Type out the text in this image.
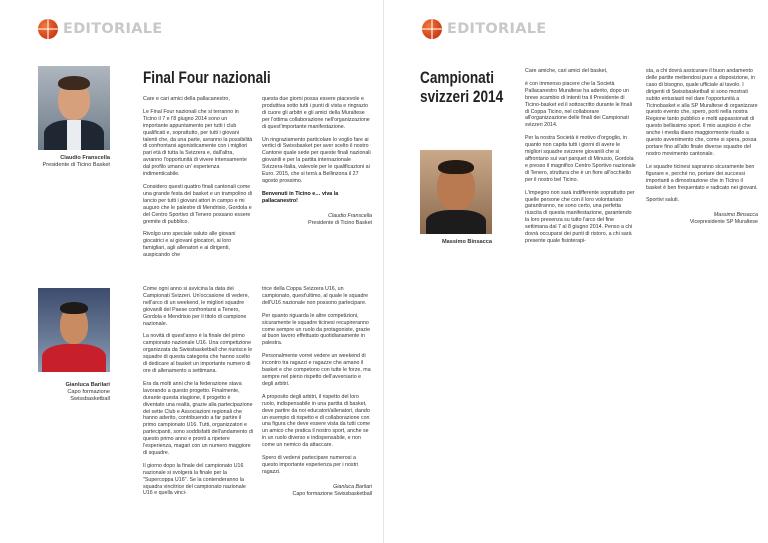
EDITORIALE
Claudio Franscella
Presidente di Ticino Basket
Final Four nazionali

Care e cari amici della pallacanestro,

Le Final Four nazionali che si terranno in Ticino il 7 e l'8 giugno 2014 sono un importante appuntamento per tutti i club qualificati e, soprattutto, per tutti i giovani talenti che, da una parte, avranno la possibilità di confrontarsi agonisticamente con i migliori pari età di tutta la Svizzera e, dall'altra, avranno l'opportunità di vivere intensamente dal profilo umano un' esperienza indimenticabile.

Considero questi quattro finali cantonali come una grande festa del basket e un trampolino di lancio per tutti i giovani attori in campo e mi auguro che le palestre di Mendrisio, Gordola e del Centro Sportivo di Tenero possano essere gremite di pubblico.

Rivolgo uno speciale saluto alle giovani giocatrici e ai giovani giocatori, ai loro famigliari, agli allenatori e ai dirigenti, auspicando che

questa due giorni possa essere piacevole e produttiva sotto tutti i punti di vista e ringrazio di cuore gli arbitri e gli amici della Muraltese per l'ottima collaborazione nell'organizzazione di quest'importante manifestazione.

Un ringraziamento particolare lo voglio fare ai vertici di Swissbasket per aver scelto il nostro Cantone quale sede per queste finali nazionali giovanili e per la partita internazionale Svizzera-Italia, valevole per le qualificazioni ai Euro. 2015, che si terrà a Bellinzona il 27 agosto prossimo.

Benvenuti in Ticino e… viva la pallacanestro!

Claudio Franscella
Presidente di Ticino Basket
Gianluca Barilari
Capo formazione
Swissbasketball

Come ogni anno si avvicina la data dei Campionati Svizzeri. Un'occasione di vedere, nell'arco di un weekend, le migliori squadre giovanili del Paese confrontarsi a Tenero, Gordola e Mendrisio per il titolo di campione nazionale.

La novità di quest'anno è la finale del primo campionato nazionale U16. Una competizione organizzata da Swissbasketball che riunisce le squadre di questa categoria che hanno scelto di dedicare al basket un importante numero di ore di allenamento a settimana.

Era da molti anni che la federazione stava lavorando a questo progetto. Finalmente, durante questa stagione, il progetto è diventato una realtà, grazie alla partecipazione dei sette Club e Associazioni regionali che hanno aderito, contribuendo a far partire il primo campionato U16. Tutti, organizzatori e partecipanti, sono soddisfatti dell'andamento di questo primo anno e pronti a ripetere l'esperienza, magari con un numero maggiore di squadre.

Il giorno dopo la finale del campionato U16 nazionale si svolgerà la finale per la "Supercoppa U16". Se la contenderanno la squadra vincitrice del campionato nazionale U16 e quella vinci-

trice della Coppa Svizzera U16, un campionato, quest'ultimo, al quale le squadre dell'U16 nazionale non possono partecipare.

Per quanto riguarda le altre competizioni, sicuramente le squadre ticinesi recupireranno come sempre un ruolo da protagoniste, grazie al buon lavoro effettuato quotidianamente in palestra.

Personalmente vorrei vedere un weekend di incontro tra ragazzi e ragazze che amano il basket e che competono con tutte le forze, ma sempre nel pieno rispetto dell'avversario e degli arbitri.

A proposito degli arbitri, il rispetto del loro ruolo, indispensabile in una partita di basket, deve partire da noi educatori/allenatori, dando un esempio di rispetto e di collaborazione con una figura che deve essere vista da tutti come un amico che pratica il nostro sport, anche se in un ruolo diverso e indispensabile, e non come un nemico da attaccare.

Spero di vedervi partecipare numerosi a questo importante esperienza per i nostri ragazzi.

Gianluca Barilari
Capo formazione Swissbasketball
EDITORIALE
Campionati
svizzeri 2014
Massimo Binsacca

Care amiche, cari amici del basket,

è con immenso piacere che la Società Pallacanestro Muraltese ha aderito, dopo un breve scambio di intenti tra il Presidente di Ticino-basket ed il sottoscritto durante le finali di Coppa Ticino, nel collaborare all'organizzazione delle finali dei Campionati svizzeri 2014.

Per la nostra Società è motivo d'orgoglio, in quanto non capita tutti i giorni di avere le migliori squadre svizzere giovanili che si affrontano sui vari parquet di Minusio, Gordola e presso il magnifico Centro Sportivo nazionale di Tenero, struttura che è un fiore all'occhiello per il nostro bel Ticino.

L'impegno non sarà indifferente soprattutto per quelle persone che con il loro volontariato garantiranno, ne sono certo, una perfetta riuscita di questa manifestazione, garantendo la loro presenza su tutto l'arco del fine settimana dal 7 al 8 giugno 2014. Penso a chi dovrà occuparsi dei punti di ristoro, a chi sarà presente quale fisioterapi-

sta, a chi dovrà assicurare il buon andamento delle partite mettendosi pure a disposizione, in caso di bisogno, quale ufficiale al tavolo. I dirigenti di Swissbasketball si sono mostrati subito entusiasti nel dare l'opportunità a Ticinobasket e alla SP Muraltese di organizzare questo evento che, spero, porti nella nostra Regione tanto pubblico e molti appassionati di questo bellissimo sport. Il mio auspicio è che anche i media diano maggiormente risalto a questo avvenimento che, come si spera, possa portare fino all'alto finale diverse squadre del nostro movimento cantonale.

Le squadre ticinesi sapranno sicuramente ben figurare e, perché no, portare dei successi importanti a dimostrazione che in Ticino il basket è ben frequentato e radicato nei giovani.

Sportivi saluti.

Massimo Binsacca
Vicepresidente SP Muraltese
